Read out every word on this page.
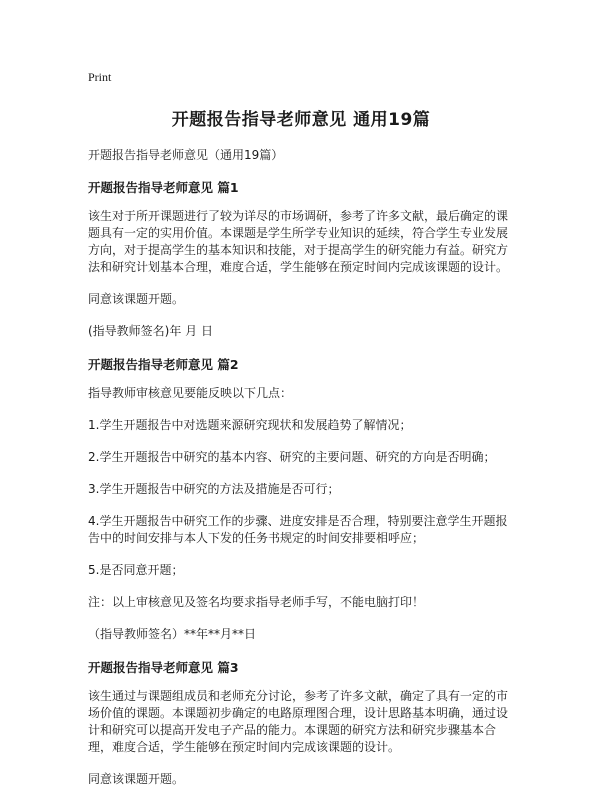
Print
开题报告指导老师意见 通用19篇
开题报告指导老师意见（通用19篇）
开题报告指导老师意见 篇1

该生对于所开课题进行了较为详尽的市场调研，参考了许多文献，最后确定的课题具有一定的实用价值。本课题是学生所学专业知识的延续，符合学生专业发展方向，对于提高学生的基本知识和技能，对于提高学生的研究能力有益。研究方法和研究计划基本合理，难度合适，学生能够在预定时间内完成该课题的设计。

同意该课题开题。

(指导教师签名)年 月 日

开题报告指导老师意见 篇2

指导教师审核意见要能反映以下几点：

1.学生开题报告中对选题来源研究现状和发展趋势了解情况；

2.学生开题报告中研究的基本内容、研究的主要问题、研究的方向是否明确；

3.学生开题报告中研究的方法及措施是否可行；

4.学生开题报告中研究工作的步骤、进度安排是否合理，特别要注意学生开题报告中的时间安排与本人下发的任务书规定的时间安排要相呼应；

5.是否同意开题；

注：以上审核意见及签名均要求指导老师手写，不能电脑打印！

（指导教师签名）**年**月**日

开题报告指导老师意见 篇3

该生通过与课题组成员和老师充分讨论，参考了许多文献，确定了具有一定的市场价值的课题。本课题初步确定的电路原理图合理，设计思路基本明确，通过设计和研究可以提高开发电子产品的能力。本课题的研究方法和研究步骤基本合理，难度合适，学生能够在预定时间内完成该课题的设计。

同意该课题开题。
